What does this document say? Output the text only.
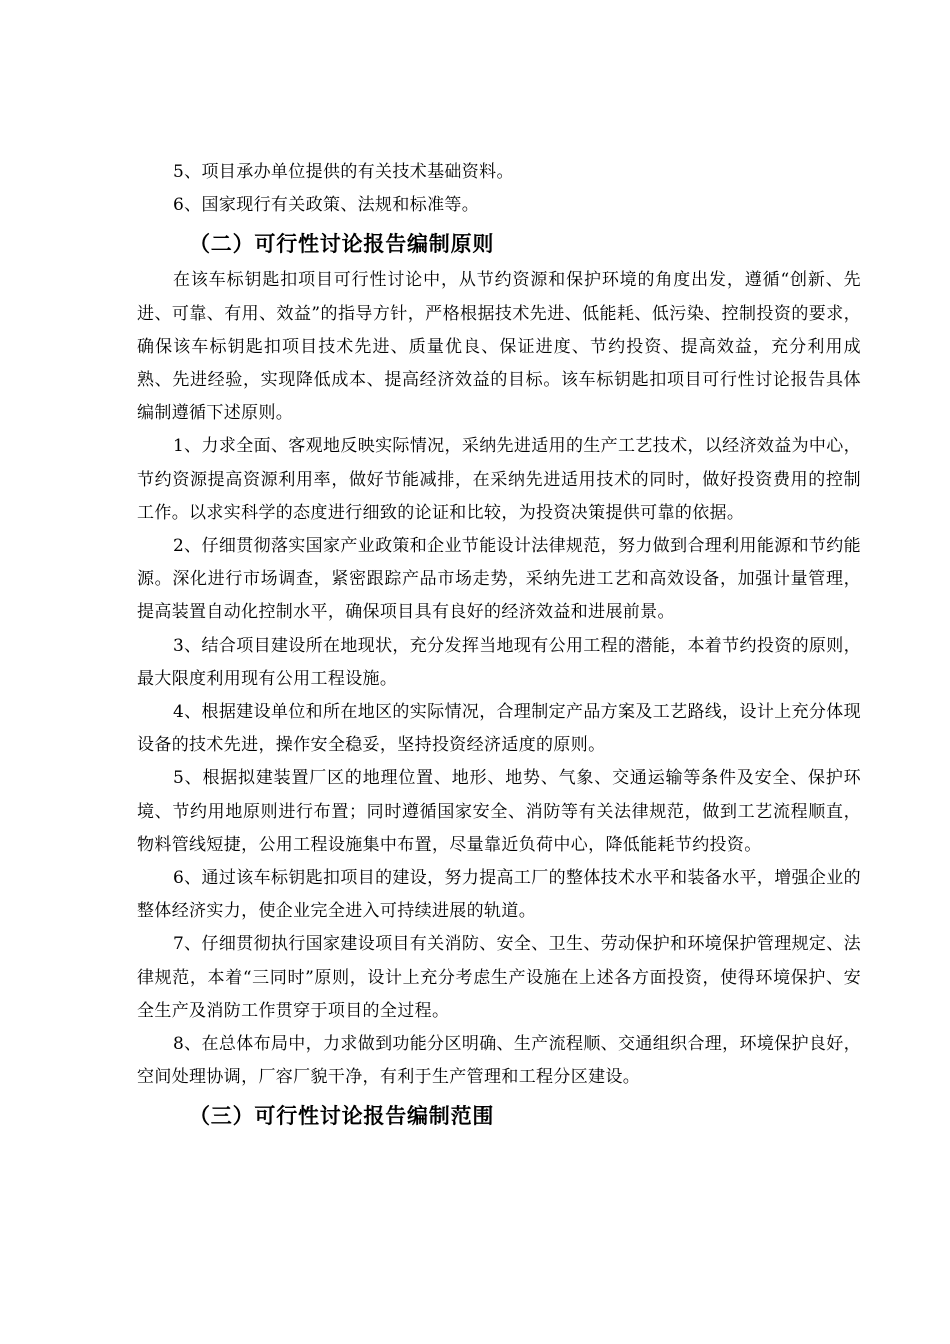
5、项目承办单位提供的有关技术基础资料。

6、国家现行有关政策、法规和标准等。

（二）可行性讨论报告编制原则

在该车标钥匙扣项目可行性讨论中，从节约资源和保护环境的角度出发，遵循“创新、先进、可靠、有用、效益”的指导方针，严格根据技术先进、低能耗、低污染、控制投资的要求，确保该车标钥匙扣项目技术先进、质量优良、保证进度、节约投资、提高效益，充分利用成熟、先进经验，实现降低成本、提高经济效益的目标。该车标钥匙扣项目可行性讨论报告具体编制遵循下述原则。

1、力求全面、客观地反映实际情况，采纳先进适用的生产工艺技术，以经济效益为中心，节约资源提高资源利用率，做好节能减排，在采纳先进适用技术的同时，做好投资费用的控制工作。以求实科学的态度进行细致的论证和比较，为投资决策提供可靠的依据。

2、仔细贯彻落实国家产业政策和企业节能设计法律规范，努力做到合理利用能源和节约能源。深化进行市场调查，紧密跟踪产品市场走势，采纳先进工艺和高效设备，加强计量管理，提高装置自动化控制水平，确保项目具有良好的经济效益和进展前景。

3、结合项目建设所在地现状，充分发挥当地现有公用工程的潜能，本着节约投资的原则，最大限度利用现有公用工程设施。

4、根据建设单位和所在地区的实际情况，合理制定产品方案及工艺路线，设计上充分体现设备的技术先进，操作安全稳妥，坚持投资经济适度的原则。

5、根据拟建装置厂区的地理位置、地形、地势、气象、交通运输等条件及安全、保护环境、节约用地原则进行布置；同时遵循国家安全、消防等有关法律规范，做到工艺流程顺直，物料管线短捷，公用工程设施集中布置，尽量靠近负荷中心，降低能耗节约投资。

6、通过该车标钥匙扣项目的建设，努力提高工厂的整体技术水平和装备水平，增强企业的整体经济实力，使企业完全进入可持续进展的轨道。

7、仔细贯彻执行国家建设项目有关消防、安全、卫生、劳动保护和环境保护管理规定、法律规范，本着“三同时”原则，设计上充分考虑生产设施在上述各方面投资，使得环境保护、安全生产及消防工作贯穿于项目的全过程。

8、在总体布局中，力求做到功能分区明确、生产流程顺、交通组织合理，环境保护良好，空间处理协调，厂容厂貌干净，有利于生产管理和工程分区建设。

（三）可行性讨论报告编制范围
